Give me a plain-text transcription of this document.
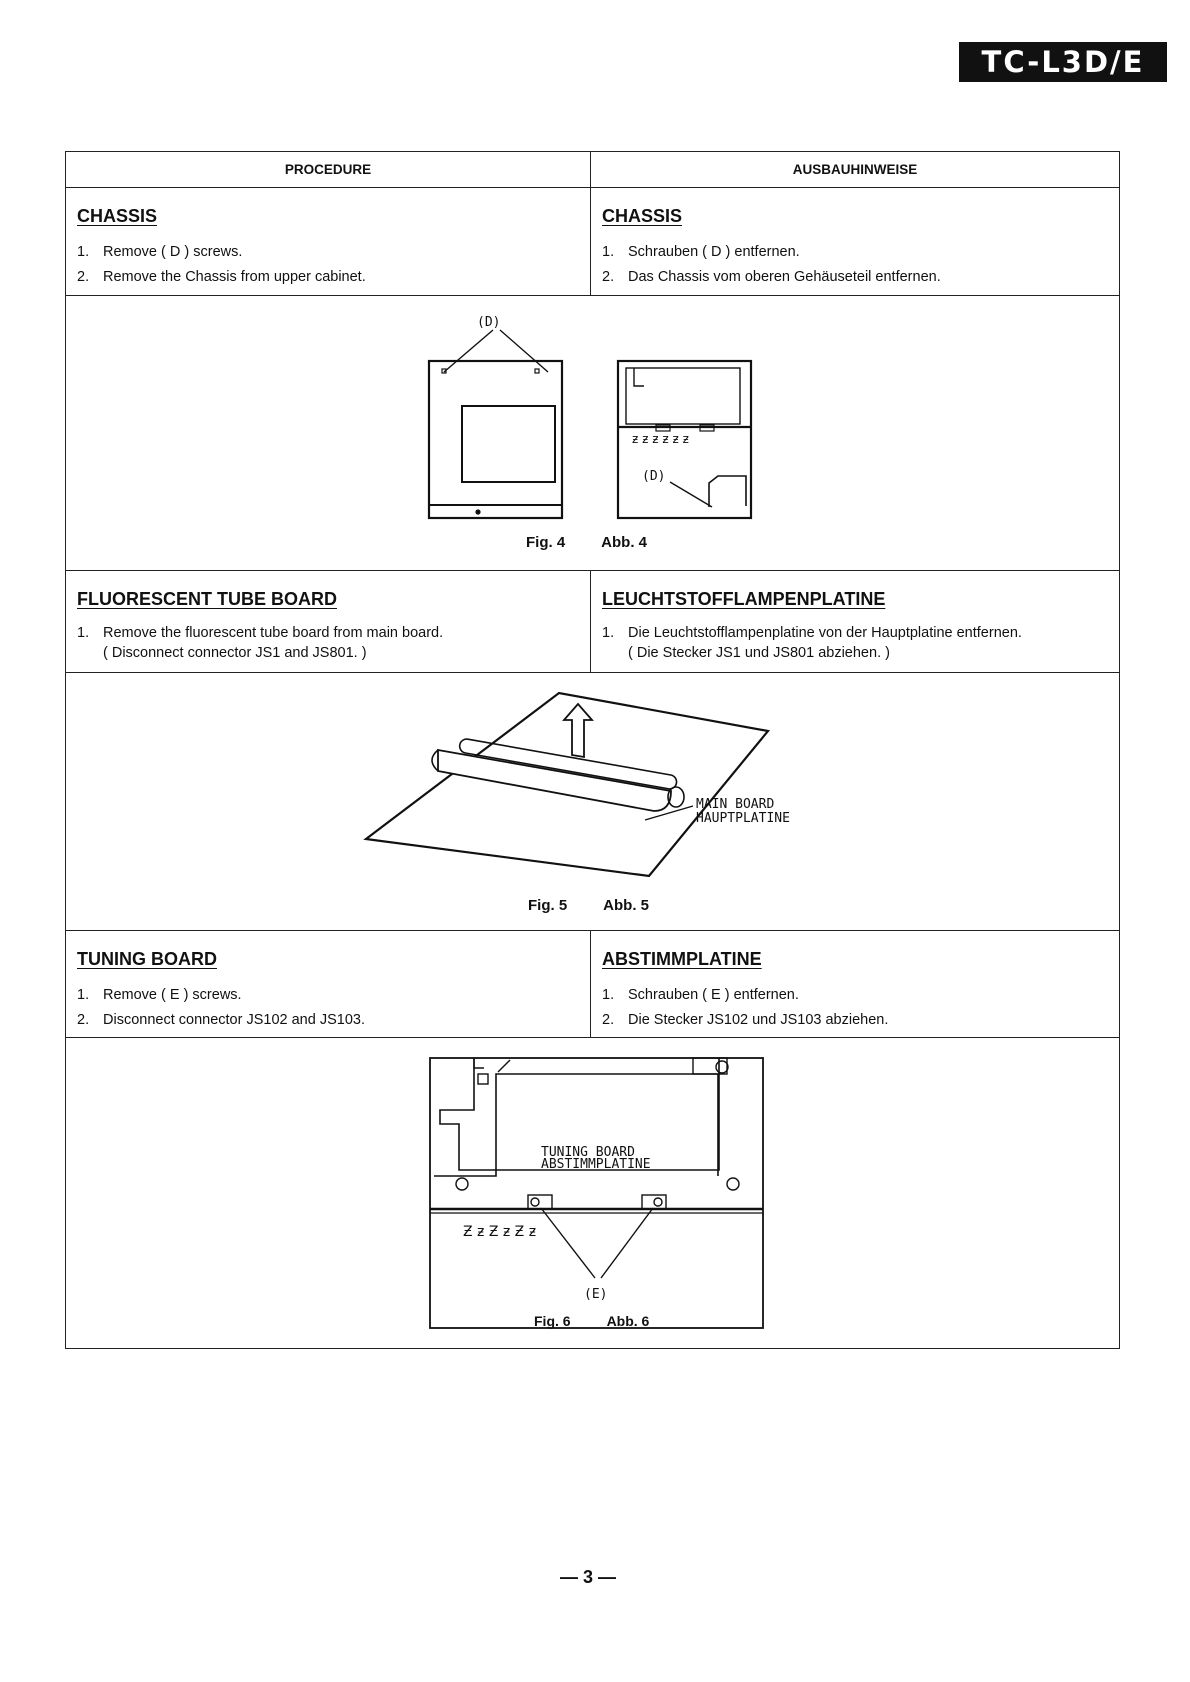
TC-L3D/E
PROCEDURE	AUSBAUHINWEISE
CHASSIS
1. Remove ( D ) screws.
2. Remove the Chassis from upper cabinet.
CHASSIS
1. Schrauben ( D ) entfernen.
2. Das Chassis vom oberen Gehäuseteil entfernen.
(D)
ƶ ƶ ƶ ƶ ƶ ƶ
(D)
Fig. 4 Abb. 4
FLUORESCENT TUBE BOARD
1. Remove the fluorescent tube board from main board.
( Disconnect connector JS1 and JS801. )
LEUCHTSTOFFLAMPENPLATINE
1. Die Leuchtstofflampenplatine von der Hauptplatine entfernen.
( Die Stecker JS1 und JS801 abziehen. )
MAIN BOARD
HAUPTPLATINE
Fig. 5 Abb. 5
TUNING BOARD
1. Remove ( E ) screws.
2. Disconnect connector JS102 and JS103.
ABSTIMMPLATINE
1. Schrauben ( E ) entfernen.
2. Die Stecker JS102 und JS103 abziehen.
Ƶ ƶ Ƶ ƶ Ƶ ƶ
TUNING BOARD
ABSTIMMPLATINE
(E)
Fig. 6	Abb. 6
— 3 —
